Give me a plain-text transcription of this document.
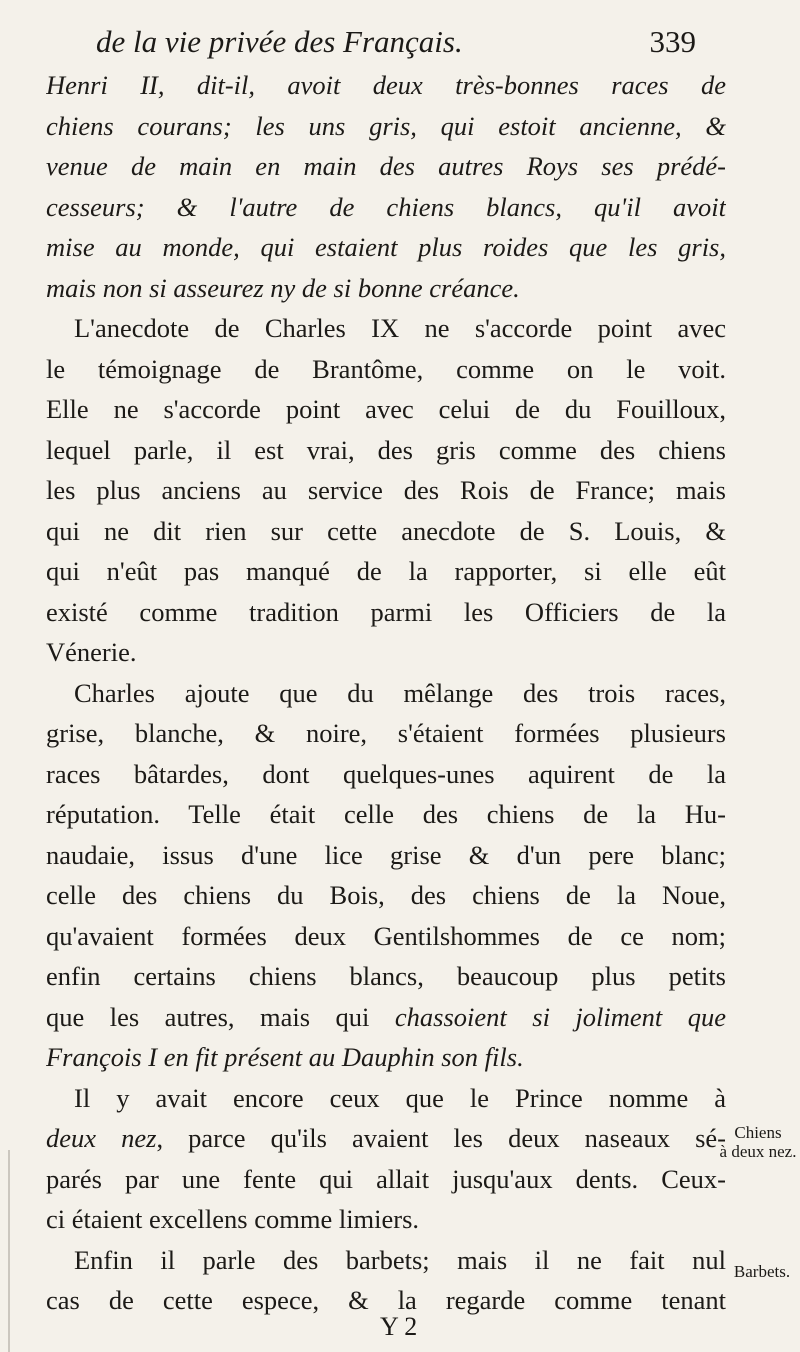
de la vie privée des Français.	339
Henri II, dit-il, avoit deux très-bonnes races de
chiens courans; les uns gris, qui estoit ancienne, &
venue de main en main des autres Roys ses prédé-
cesseurs; & l'autre de chiens blancs, qu'il avoit
mise au monde, qui estaient plus roides que les gris,
mais non si asseurez ny de si bonne créance.
L'anecdote de Charles IX ne s'accorde point avec
le témoignage de Brantôme, comme on le voit.
Elle ne s'accorde point avec celui de du Fouilloux,
lequel parle, il est vrai, des gris comme des chiens
les plus anciens au service des Rois de France; mais
qui ne dit rien sur cette anecdote de S. Louis, &
qui n'eût pas manqué de la rapporter, si elle eût
existé comme tradition parmi les Officiers de la
Vénerie.
Charles ajoute que du mêlange des trois races,
grise, blanche, & noire, s'étaient formées plusieurs
races bâtardes, dont quelques-unes aquirent de la
réputation. Telle était celle des chiens de la Hu-
naudaie, issus d'une lice grise & d'un pere blanc;
celle des chiens du Bois, des chiens de la Noue,
qu'avaient formées deux Gentilshommes de ce nom;
enfin certains chiens blancs, beaucoup plus petits
que les autres, mais qui chassoient si joliment que
François I en fit présent au Dauphin son fils.
Il y avait encore ceux que le Prince nomme à
deux nez, parce qu'ils avaient les deux naseaux sé-
parés par une fente qui allait jusqu'aux dents. Ceux-
ci étaient excellens comme limiers.
Enfin il parle des barbets; mais il ne fait nul
cas de cette espece, & la regarde comme tenant
Chiens
à deux nez.
Barbets.
Y 2
